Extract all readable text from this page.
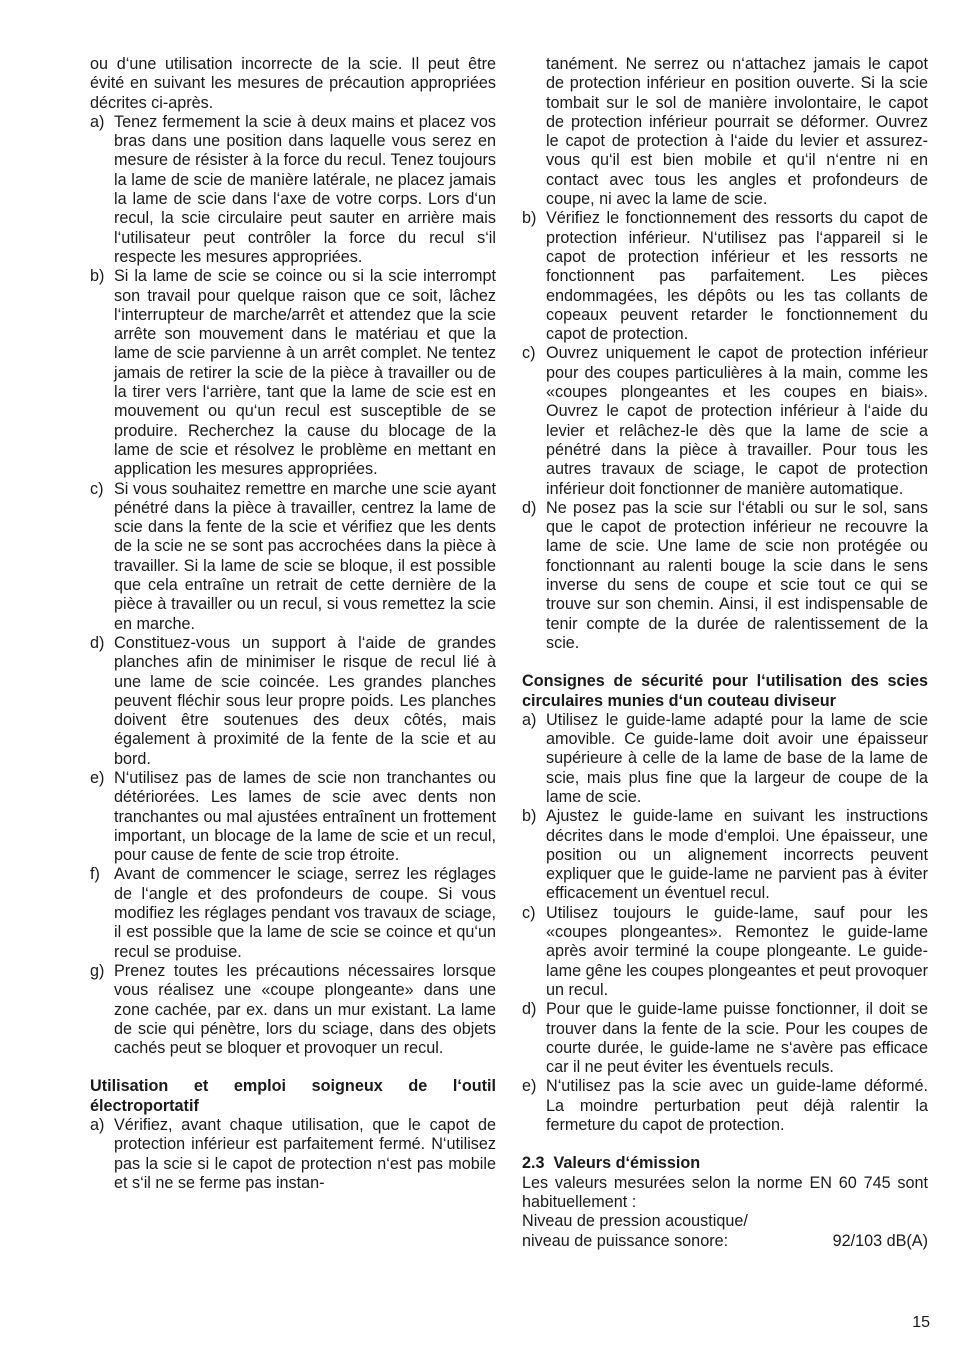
ou d‘une utilisation incorrecte de la scie. Il peut être évité en suivant les mesures de précaution appropriées décrites ci-après.

a) Tenez fermement la scie à deux mains et placez vos bras dans une position dans laquelle vous serez en mesure de résister à la force du recul. Tenez toujours la lame de scie de manière latérale, ne placez jamais la lame de scie dans l‘axe de votre corps. Lors d‘un recul, la scie circulaire peut sauter en arrière mais l‘utilisateur peut contrôler la force du recul s‘il respecte les mesures appropriées.
b) Si la lame de scie se coince ou si la scie interrompt son travail pour quelque raison que ce soit, lâchez l‘interrupteur de marche/arrêt et attendez que la scie arrête son mouvement dans le matériau et que la lame de scie parvienne à un arrêt complet. Ne tentez jamais de retirer la scie de la pièce à travailler ou de la tirer vers l‘arrière, tant que la lame de scie est en mouvement ou qu‘un recul est susceptible de se produire. Recherchez la cause du blocage de la lame de scie et résolvez le problème en mettant en application les mesures appropriées.
c) Si vous souhaitez remettre en marche une scie ayant pénétré dans la pièce à travailler, centrez la lame de scie dans la fente de la scie et vérifiez que les dents de la scie ne se sont pas accrochées dans la pièce à travailler. Si la lame de scie se bloque, il est possible que cela entraîne un retrait de cette dernière de la pièce à travailler ou un recul, si vous remettez la scie en marche.
d) Constituez-vous un support à l‘aide de grandes planches afin de minimiser le risque de recul lié à une lame de scie coincée. Les grandes planches peuvent fléchir sous leur propre poids. Les planches doivent être soutenues des deux côtés, mais également à proximité de la fente de la scie et au bord.
e) N‘utilisez pas de lames de scie non tranchantes ou détériorées. Les lames de scie avec dents non tranchantes ou mal ajustées entraînent un frottement important, un blocage de la lame de scie et un recul, pour cause de fente de scie trop étroite.
f) Avant de commencer le sciage, serrez les réglages de l‘angle et des profondeurs de coupe. Si vous modifiez les réglages pendant vos travaux de sciage, il est possible que la lame de scie se coince et qu‘un recul se produise.
g) Prenez toutes les précautions nécessaires lorsque vous réalisez une «coupe plongeante» dans une zone cachée, par ex. dans un mur existant. La lame de scie qui pénètre, lors du sciage, dans des objets cachés peut se bloquer et provoquer un recul.

Utilisation et emploi soigneux de l‘outil électroportatif

a) Vérifiez, avant chaque utilisation, que le capot de protection inférieur est parfaitement fermé. N‘utilisez pas la scie si le capot de protection n‘est pas mobile et s‘il ne se ferme pas instan-
tanément. Ne serrez ou n‘attachez jamais le capot de protection inférieur en position ouverte. Si la scie tombait sur le sol de manière involontaire, le capot de protection inférieur pourrait se déformer. Ouvrez le capot de protection à l‘aide du levier et assurez-vous qu‘il est bien mobile et qu‘il n‘entre ni en contact avec tous les angles et profondeurs de coupe, ni avec la lame de scie.
b) Vérifiez le fonctionnement des ressorts du capot de protection inférieur. N‘utilisez pas l‘appareil si le capot de protection inférieur et les ressorts ne fonctionnent pas parfaitement. Les pièces endommagées, les dépôts ou les tas collants de copeaux peuvent retarder le fonctionnement du capot de protection.
c) Ouvrez uniquement le capot de protection inférieur pour des coupes particulières à la main, comme les «coupes plongeantes et les coupes en biais». Ouvrez le capot de protection inférieur à l‘aide du levier et relâchez-le dès que la lame de scie a pénétré dans la pièce à travailler. Pour tous les autres travaux de sciage, le capot de protection inférieur doit fonctionner de manière automatique.
d) Ne posez pas la scie sur l‘établi ou sur le sol, sans que le capot de protection inférieur ne recouvre la lame de scie. Une lame de scie non protégée ou fonctionnant au ralenti bouge la scie dans le sens inverse du sens de coupe et scie tout ce qui se trouve sur son chemin. Ainsi, il est indispensable de tenir compte de la durée de ralentissement de la scie.

Consignes de sécurité pour l‘utilisation des scies circulaires munies d‘un couteau diviseur

a) Utilisez le guide-lame adapté pour la lame de scie amovible. Ce guide-lame doit avoir une épaisseur supérieure à celle de la lame de base de la lame de scie, mais plus fine que la largeur de coupe de la lame de scie.
b) Ajustez le guide-lame en suivant les instructions décrites dans le mode d‘emploi. Une épaisseur, une position ou un alignement incorrects peuvent expliquer que le guide-lame ne parvient pas à éviter efficacement un éventuel recul.
c) Utilisez toujours le guide-lame, sauf pour les «coupes plongeantes». Remontez le guide-lame après avoir terminé la coupe plongeante. Le guide-lame gêne les coupes plongeantes et peut provoquer un recul.
d) Pour que le guide-lame puisse fonctionner, il doit se trouver dans la fente de la scie. Pour les coupes de courte durée, le guide-lame ne s‘avère pas efficace car il ne peut éviter les éventuels reculs.
e) N‘utilisez pas la scie avec un guide-lame déformé. La moindre perturbation peut déjà ralentir la fermeture du capot de protection.

2.3 Valeurs d‘émission

Les valeurs mesurées selon la norme EN 60 745 sont habituellement :

Niveau de pression acoustique/
niveau de puissance sonore:	92/103 dB(A)
15
